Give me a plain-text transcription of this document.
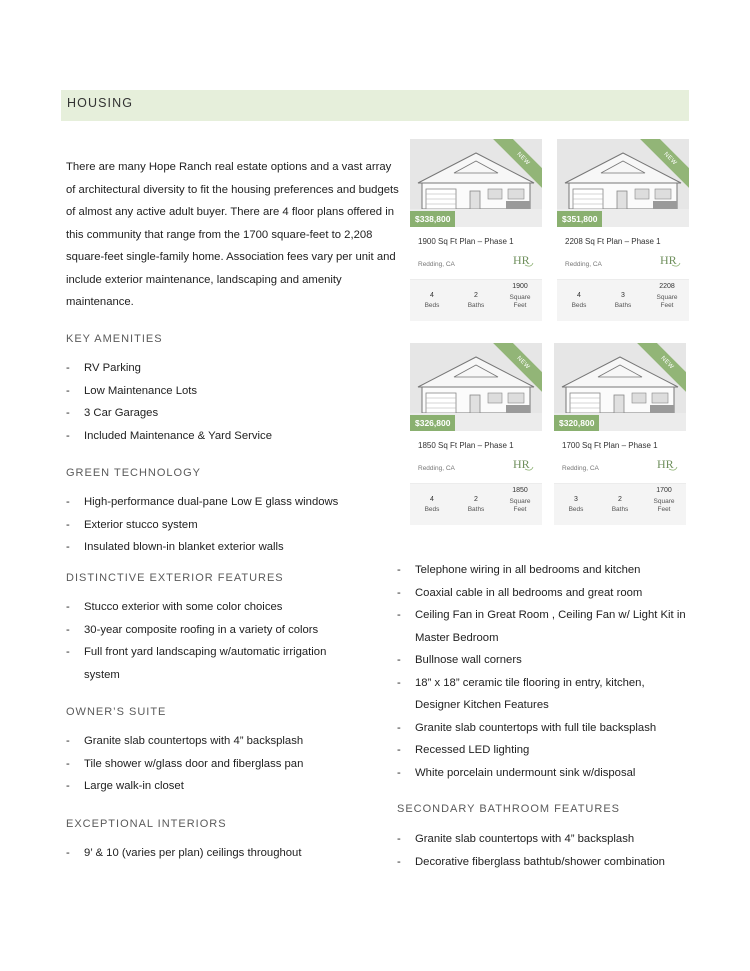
HOUSING
There are many Hope Ranch real estate options and a vast array of architectural diversity to fit the housing preferences and budgets of almost any active adult buyer. There are 4 floor plans offered in this community that range from the 1700 square-feet to 2,208 square-feet single-family home. Association fees vary per unit and include exterior maintenance, landscaping and amenity maintenance.
NEW
$338,800
1900 Sq Ft Plan – Phase 1
Redding, CA	HR
4
Beds
2
Baths
1900
Square
Feet
NEW
$351,800
2208 Sq Ft Plan – Phase 1
Redding, CA	HR
4
Beds
3
Baths
2208
Square
Feet
NEW
$326,800
1850 Sq Ft Plan – Phase 1
Redding, CA	HR
4
Beds
2
Baths
1850
Square
Feet
NEW
$320,800
1700 Sq Ft Plan – Phase 1
Redding, CA	HR
3
Beds
2
Baths
1700
Square
Feet
KEY AMENITIES
- RV Parking
- Low Maintenance Lots
- 3 Car Garages
- Included Maintenance & Yard Service
GREEN TECHNOLOGY
- High-performance dual-pane Low E glass windows
- Exterior stucco system
- Insulated blown-in blanket exterior walls
DISTINCTIVE EXTERIOR FEATURES
- Stucco exterior with some color choices
- 30-year composite roofing in a variety of colors
- Full front yard landscaping w/automatic irrigation system
OWNER’S SUITE
- Granite slab countertops with 4” backsplash
- Tile shower w/glass door and fiberglass pan
- Large walk-in closet
EXCEPTIONAL INTERIORS
- 9’ & 10 (varies per plan) ceilings throughout
- Telephone wiring in all bedrooms and kitchen
- Coaxial cable in all bedrooms and great room
- Ceiling Fan in Great Room , Ceiling Fan w/ Light Kit in Master Bedroom
- Bullnose wall corners
- 18” x 18” ceramic tile flooring in entry, kitchen, Designer Kitchen Features
- Granite slab countertops with full tile backsplash
- Recessed LED lighting
- White porcelain undermount sink w/disposal
SECONDARY BATHROOM FEATURES
- Granite slab countertops with 4” backsplash
- Decorative fiberglass bathtub/shower combination
